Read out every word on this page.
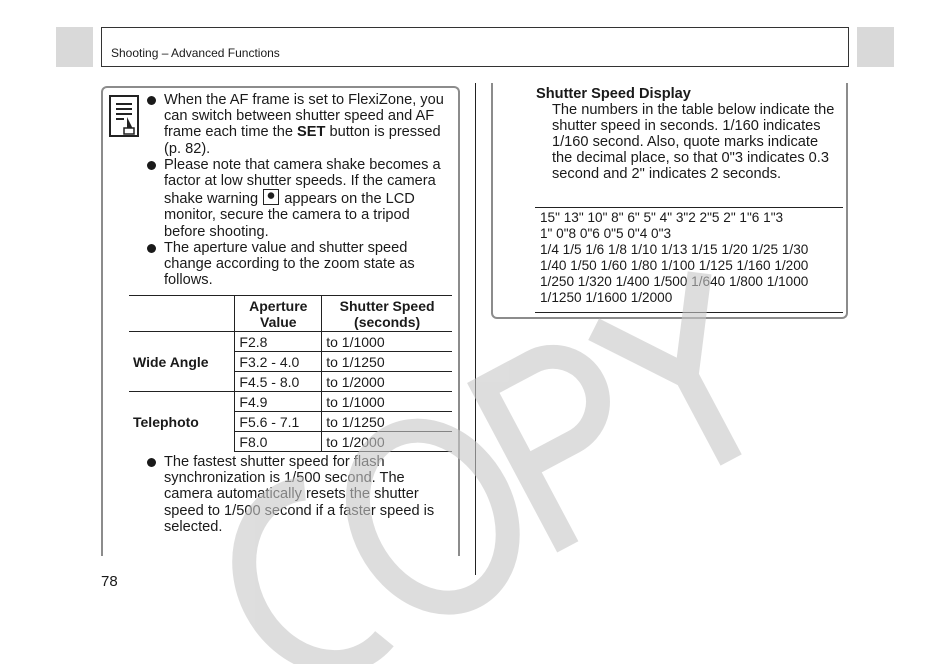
Shooting – Advanced Functions
When the AF frame is set to FlexiZone, you can switch between shutter speed and AF frame each time the SET button is pressed (p. 82).
Please note that camera shake becomes a factor at low shutter speeds. If the camera shake warning  appears on the LCD monitor, secure the camera to a tripod before shooting.
The aperture value and shutter speed change according to the zoom state as follows.
	Aperture
Value	Shutter Speed
(seconds)
Wide Angle	F2.8	to 1/1000
	F3.2 - 4.0	to 1/1250
	F4.5 - 8.0	to 1/2000
Telephoto	F4.9	to 1/1000
	F5.6 - 7.1	to 1/1250
	F8.0	to 1/2000
The fastest shutter speed for flash synchronization is 1/500 second. The camera automatically resets the shutter speed to 1/500 second if a faster speed is selected.
Shutter Speed Display
The numbers in the table below indicate the shutter speed in seconds. 1/160 indicates 1/160 second. Also, quote marks indicate the decimal place, so that 0"3 indicates 0.3 second and 2" indicates 2 seconds.
15" 13" 10" 8" 6" 5" 4" 3"2 2"5 2" 1"6 1"3
1" 0"8 0"6 0"5 0"4 0"3
1/4 1/5 1/6 1/8 1/10 1/13 1/15 1/20 1/25 1/30
1/40 1/50 1/60 1/80 1/100 1/125 1/160 1/200
1/250 1/320 1/400 1/500 1/640 1/800 1/1000
1/1250 1/1600 1/2000
78
